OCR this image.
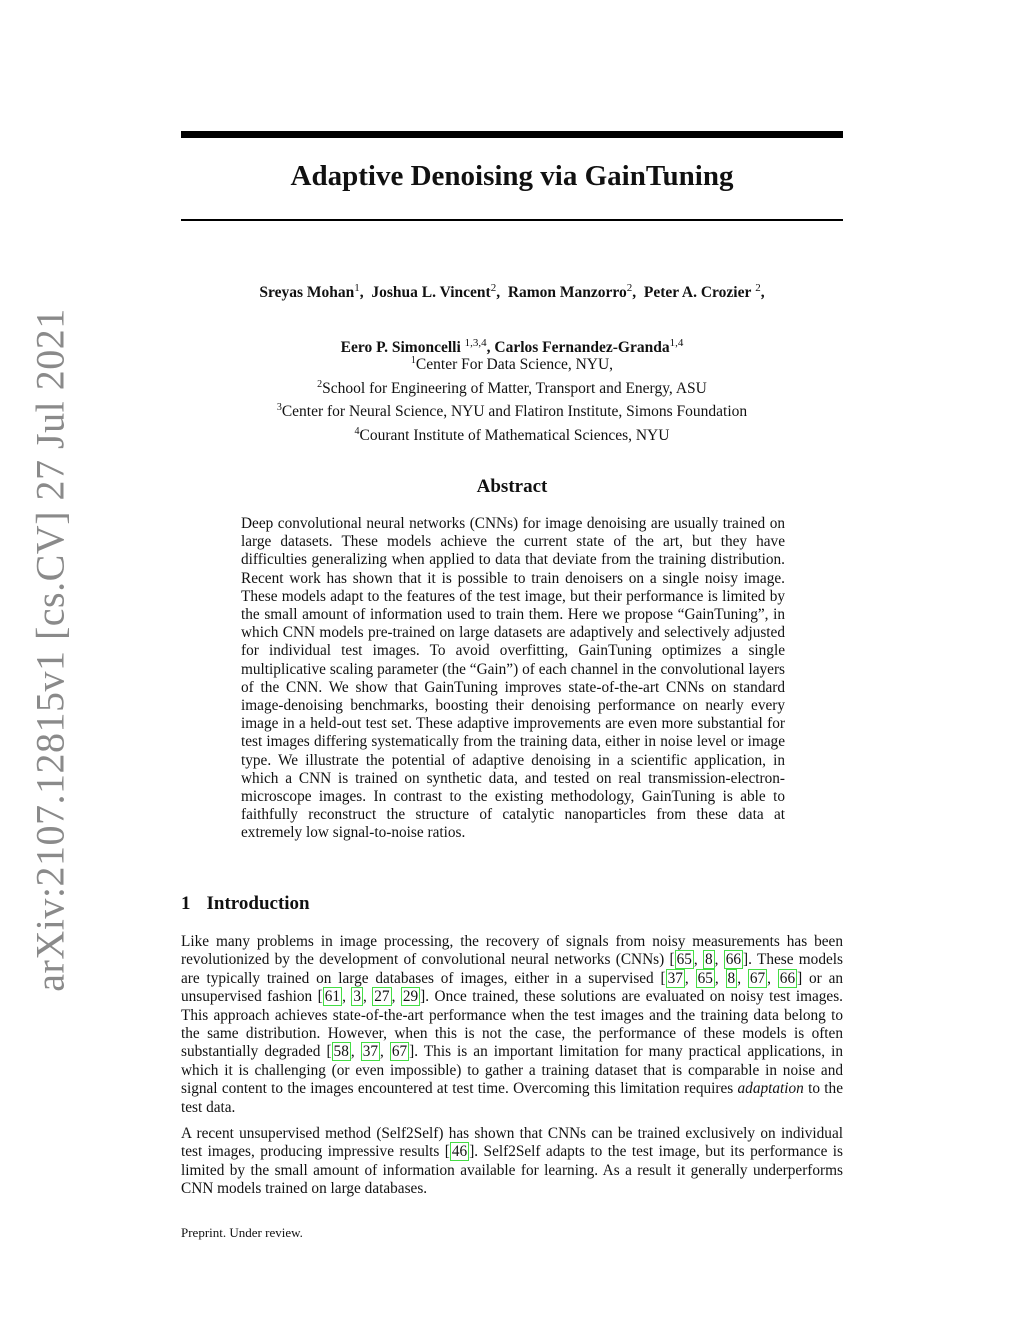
arXiv:2107.12815v1 [cs.CV] 27 Jul 2021
Adaptive Denoising via GainTuning
Sreyas Mohan$^1$,  Joshua L. Vincent$^2$,  Ramon Manzorro$^2$,  Peter A. Crozier $^2$,
Eero P. Simoncelli $^{1,3,4}$, Carlos Fernandez-Granda$^{1,4}$
$^1$Center For Data Science, NYU,
$^2$School for Engineering of Matter, Transport and Energy, ASU
$^3$Center for Neural Science, NYU and Flatiron Institute, Simons Foundation
$^4$Courant Institute of Mathematical Sciences, NYU
Abstract

Deep convolutional neural networks (CNNs) for image denoising are usually trained on large datasets. These models achieve the current state of the art, but they have difficulties generalizing when applied to data that deviate from the training distribution. Recent work has shown that it is possible to train denoisers on a single noisy image. These models adapt to the features of the test image, but their performance is limited by the small amount of information used to train them. Here we propose “GainTuning”, in which CNN models pre-trained on large datasets are adaptively and selectively adjusted for individual test images. To avoid overfitting, GainTuning optimizes a single multiplicative scaling parameter (the “Gain”) of each channel in the convolutional layers of the CNN. We show that GainTuning improves state-of-the-art CNNs on standard image-denoising benchmarks, boosting their denoising performance on nearly every image in a held-out test set. These adaptive improvements are even more substantial for test images differing systematically from the training data, either in noise level or image type. We illustrate the potential of adaptive denoising in a scientific application, in which a CNN is trained on synthetic data, and tested on real transmission-electron-microscope images. In contrast to the existing methodology, GainTuning is able to faithfully reconstruct the structure of catalytic nanoparticles from these data at extremely low signal-to-noise ratios.

1 Introduction

Like many problems in image processing, the recovery of signals from noisy measurements has been revolutionized by the development of convolutional neural networks (CNNs) [ 65 , 8 , 66 ]. These models are typically trained on large databases of images, either in a supervised [ 37 , 65 , 8 , 67 , 66 ] or an unsupervised fashion [ 61 , 3 , 27 , 29 ]. Once trained, these solutions are evaluated on noisy test images. This approach achieves state-of-the-art performance when the test images and the training data belong to the same distribution. However, when this is not the case, the performance of these models is often substantially degraded [ 58 , 37 , 67 ]. This is an important limitation for many practical applications, in which it is challenging (or even impossible) to gather a training dataset that is comparable in noise and signal content to the images encountered at test time. Overcoming this limitation requires adaptation to the test data.

A recent unsupervised method (Self2Self) has shown that CNNs can be trained exclusively on individual test images, producing impressive results [ 46 ]. Self2Self adapts to the test image, but its performance is limited by the small amount of information available for learning. As a result it generally underperforms CNN models trained on large databases.

Preprint. Under review.
